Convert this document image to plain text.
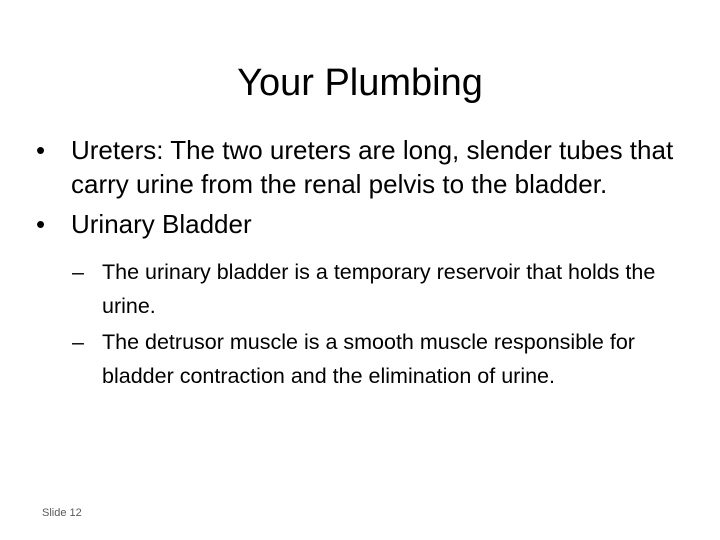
Your Plumbing
• Ureters: The two ureters are long, slender tubes that carry urine from the renal pelvis to the bladder.
• Urinary Bladder
– The urinary bladder is a temporary reservoir that holds the urine.
– The detrusor muscle is a smooth muscle responsible for bladder contraction and the elimination of urine.
Slide 12
